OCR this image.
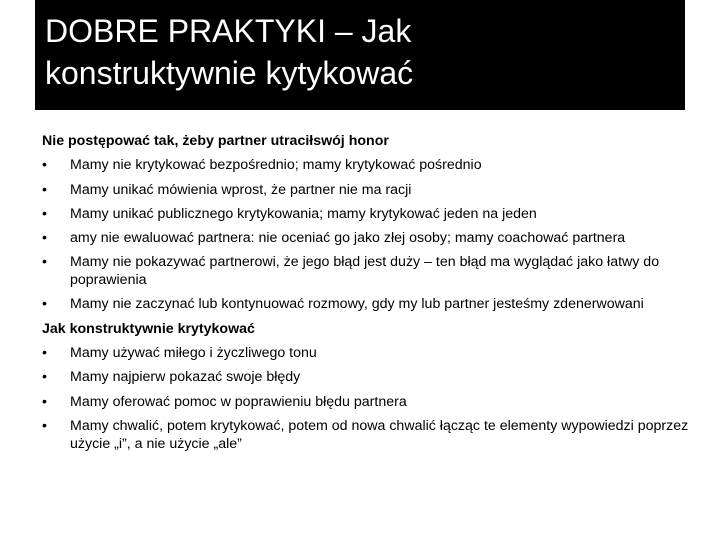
DOBRE PRAKTYKI – Jak
konstruktywnie kytykować
Nie postępować tak, żeby partner utraciłswój honor
•	Mamy nie krytykować bezpośrednio; mamy krytykować pośrednio
•	Mamy unikać mówienia wprost, że partner nie ma racji
•	Mamy unikać publicznego krytykowania; mamy krytykować jeden na jeden
•	amy nie ewaluować partnera: nie oceniać go jako złej osoby; mamy coachować partnera
•	Mamy nie pokazywać partnerowi, że jego błąd jest duży – ten błąd ma wyglądać jako łatwy do poprawienia
•	Mamy nie zaczynać lub kontynuować rozmowy, gdy my lub partner jesteśmy zdenerwowani
Jak konstruktywnie krytykować
•	Mamy używać miłego i życzliwego tonu
•	Mamy najpierw pokazać swoje błędy
•	Mamy oferować pomoc w poprawieniu błędu partnera
•	Mamy chwalić, potem krytykować, potem od nowa chwalić łącząc te elementy wypowiedzi poprzez użycie „i”, a nie użycie „ale”
